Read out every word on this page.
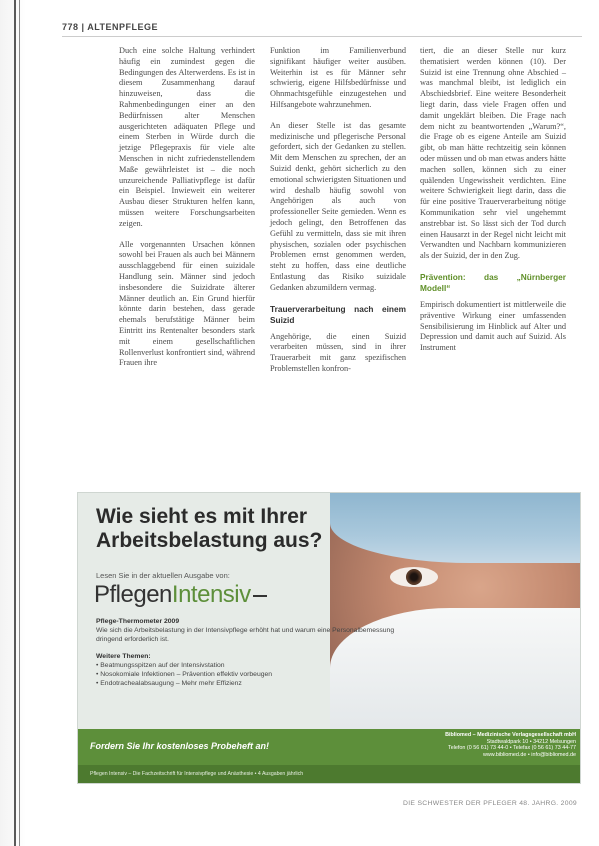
778 | ALTENPFLEGE

Duch eine solche Haltung verhindert häufig ein zumindest gegen die Bedingungen des Alterwerdens. Es ist in diesem Zusammenhang darauf hinzuweisen, dass die Rahmenbedingungen einer an den Bedürfnissen alter Menschen ausgerichteten adäquaten Pflege und einem Sterben in Würde durch die jetzige Pflegepraxis für viele alte Menschen in nicht zufriedenstellendem Maße gewährleistet ist – die noch unzureichende Palliativpflege ist dafür ein Beispiel. Inwieweit ein weiterer Ausbau dieser Strukturen helfen kann, müssen weitere Forschungsarbeiten zeigen.

Alle vorgenannten Ursachen können sowohl bei Frauen als auch bei Männern ausschlaggebend für einen suizidale Handlung sein. Männer sind jedoch insbesondere die Suizidrate älterer Männer deutlich an. Ein Grund hierfür könnte darin bestehen, dass gerade ehemals berufstätige Männer beim Eintritt ins Rentenalter besonders stark mit einem gesellschaftlichen Rollenverlust konfrontiert sind, während Frauen ihre

Funktion im Familienverbund signifikant häufiger weiter ausüben. Weiterhin ist es für Männer sehr schwierig, eigene Hilfsbedürfnisse und Ohnmachtsgefühle einzugestehen und Hilfsangebote wahrzunehmen.

An dieser Stelle ist das gesamte medizinische und pflegerische Personal gefordert, sich der Gedanken zu stellen. Mit dem Menschen zu sprechen, der an Suizid denkt, gehört sicherlich zu den emotional schwierigsten Situationen und wird deshalb häufig sowohl von Angehörigen als auch von professioneller Seite gemieden. Wenn es jedoch gelingt, den Betroffenen das Gefühl zu vermitteln, dass sie mit ihren physischen, sozialen oder psychischen Problemen ernst genommen werden, steht zu hoffen, dass eine deutliche Entlastung das Risiko suizidale Gedanken abzumildern vermag.

Trauerverarbeitung nach einem Suizid

Angehörige, die einen Suizid verarbeiten müssen, sind in ihrer Trauerarbeit mit ganz spezifischen Problemstellen konfron-

tiert, die an dieser Stelle nur kurz thematisiert werden können (10). Der Suizid ist eine Trennung ohne Abschied – was manchmal bleibt, ist lediglich ein Abschiedsbrief. Eine weitere Besonderheit liegt darin, dass viele Fragen offen und damit ungeklärt bleiben. Die Frage nach dem nicht zu beantwortenden „Warum?“, die Frage ob es eigene Anteile am Suizid gibt, ob man hätte rechtzeitig sein können oder müssen und ob man etwas anders hätte machen sollen, können sich zu einer quälenden Ungewissheit verdichten. Eine weitere Schwierigkeit liegt darin, dass die für eine positive Trauerverarbeitung nötige Kommunikation sehr viel ungehemmt anstrebbar ist. So lässt sich der Tod durch einen Hausarzt in der Regel nicht leicht mit Verwandten und Nachbarn kommunizieren als der Suizid, der in den Zug.

Prävention: das „Nürnberger Modell“

Empirisch dokumentiert ist mittlerweile die präventive Wirkung einer umfassenden Sensibilisierung im Hinblick auf Alter und Depression und damit auch auf Suizid. Als Instrument

Wie sieht es mit Ihrer Arbeitsbelastung aus?
Lesen Sie in der aktuellen Ausgabe von:
PflegenIntensiv
Pflege-Thermometer 2009
Wie sich die Arbeitsbelastung in der Intensivpflege erhöht hat und warum eine Personalbemessung dringend erforderlich ist.
Weitere Themen:
• Beatmungsspitzen auf der Intensivstation
• Nosokomiale Infektionen – Prävention effektiv vorbeugen
• Endotrachealabsaugung – Mehr mehr Effizienz
Fordern Sie Ihr kostenloses Probeheft an!
Bibliomed – Medizinische Verlagsgesellschaft mbH
Stadtwaldpark 10 • 34212 Melsungen
Telefon (0 56 61) 73 44-0 • Telefax (0 56 61) 73 44-77
www.bibliomed.de • info@bibliomed.de
Pflegen Intensiv – Die Fachzeitschrift für Intensivpflege und Anästhesie • 4 Ausgaben jährlich
DIE SCHWESTER DER PFLEGER 48. JAHRG. 2009
